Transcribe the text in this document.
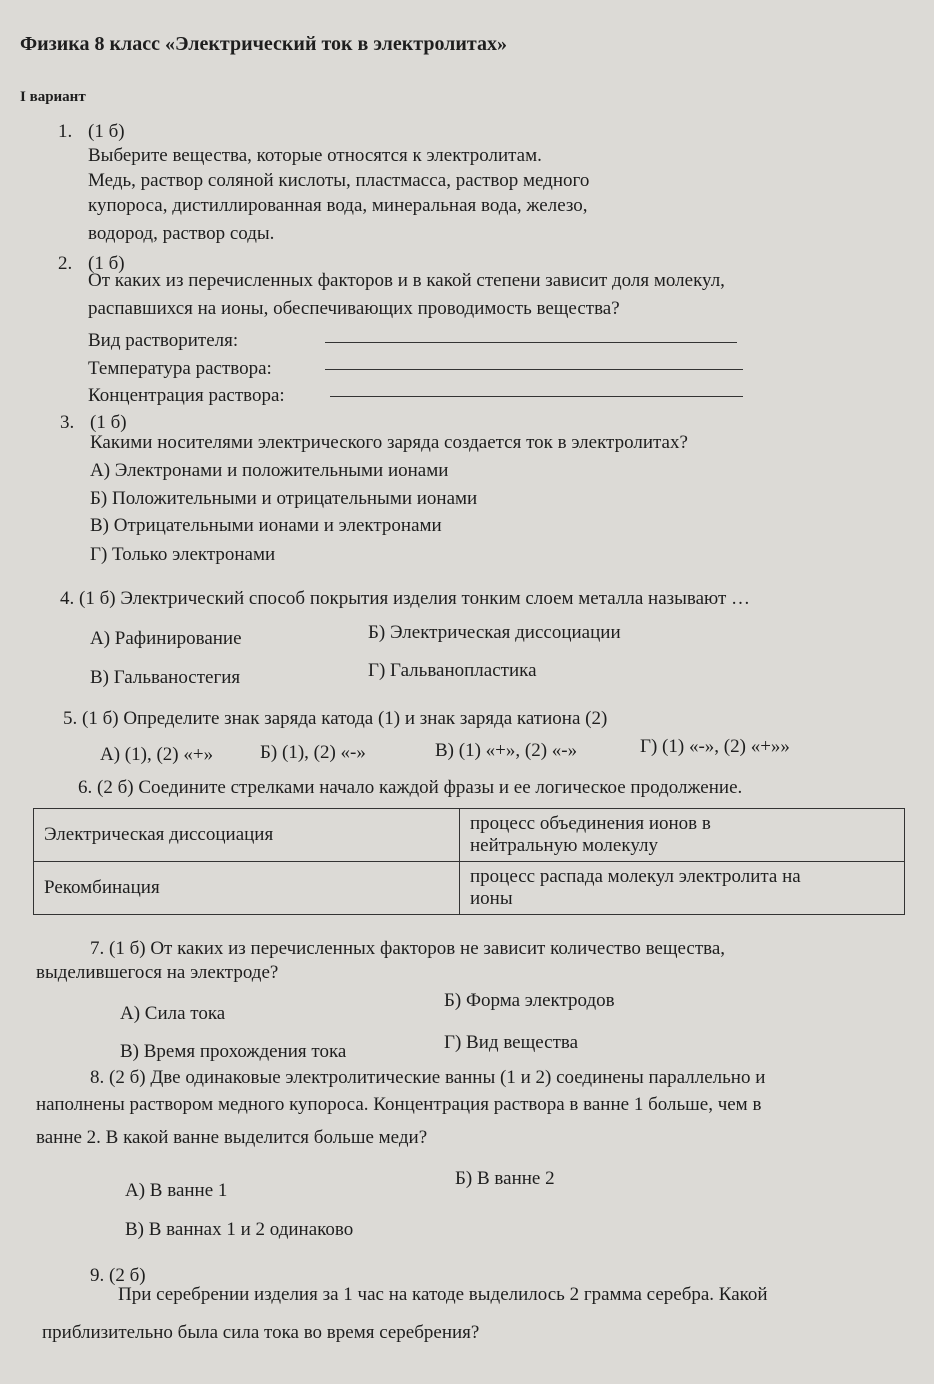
Физика 8 класс «Электрический ток в электролитах»
I вариант
1. (1 б)
Выберите вещества, которые относятся к электролитам.
Медь, раствор соляной кислоты, пластмасса, раствор медного
купороса, дистиллированная вода, минеральная вода, железо,
водород, раствор соды.
2. (1 б)
От каких из перечисленных факторов и в какой степени зависит доля молекул,
распавшихся на ионы, обеспечивающих проводимость вещества?
Вид растворителя:
Температура раствора:
Концентрация раствора:
3. (1 б)
Какими носителями электрического заряда создается ток в электролитах?
А) Электронами и положительными ионами
Б) Положительными и отрицательными ионами
В) Отрицательными ионами и электронами
Г) Только электронами
4. (1 б) Электрический способ покрытия изделия тонким слоем металла называют …
А) Рафинирование	Б) Электрическая диссоциации
В) Гальваностегия	Г) Гальванопластика
5. (1 б) Определите знак заряда катода (1) и знак заряда катиона (2)
А) (1), (2) «+» Б) (1), (2) «-»	В) (1) «+», (2) «-»	Г) (1) «-», (2) «+»»
6. (2 б) Соедините стрелками начало каждой фразы и ее логическое продолжение.
Электрическая диссоциация	процесс объединения ионов в
нейтральную молекулу

Рекомбинация	процесс распада молекул электролита на
ионы
7. (1 б) От каких из перечисленных факторов не зависит количество вещества,
выделившегося на электроде?
А) Сила тока
Б) Форма электродов
В) Время прохождения тока	Г) Вид вещества
8. (2 б) Две одинаковые электролитические ванны (1 и 2) соединены параллельно и
наполнены раствором медного купороса. Концентрация раствора в ванне 1 больше, чем в
ванне 2. В какой ванне выделится больше меди?
А) В ванне 1
Б) В ванне 2
В) В ваннах 1 и 2 одинаково
9. (2 б)
При серебрении изделия за 1 час на катоде выделилось 2 грамма серебра. Какой
приблизительно была сила тока во время серебрения?
